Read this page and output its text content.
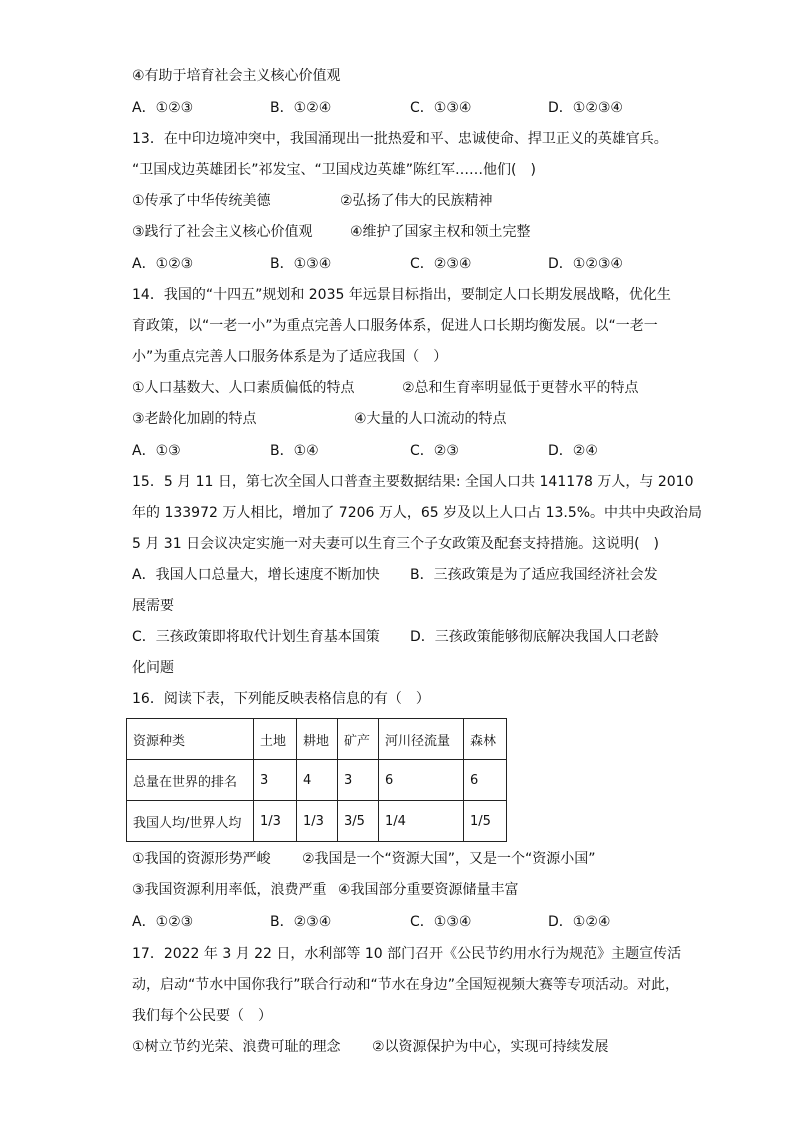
④有助于培育社会主义核心价值观
A．①②③	B．①②④	C．①③④	D．①②③④
13．在中印边境冲突中，我国涌现出一批热爱和平、忠诚使命、捍卫正义的英雄官兵。
“卫国戍边英雄团长”祁发宝、“卫国戍边英雄”陈红军……他们(　)
①传承了中华传统美德	②弘扬了伟大的民族精神
③践行了社会主义核心价值观	④维护了国家主权和领土完整
A．①②③	B．①③④	C．②③④	D．①②③④
14．我国的“十四五”规划和 2035 年远景目标指出，要制定人口长期发展战略，优化生
育政策，以“一老一小”为重点完善人口服务体系，促进人口长期均衡发展。以“一老一
小”为重点完善人口服务体系是为了适应我国（　）
①人口基数大、人口素质偏低的特点	②总和生育率明显低于更替水平的特点
③老龄化加剧的特点	④大量的人口流动的特点
A．①③	B．①④	C．②③	D．②④
15．5 月 11 日，第七次全国人口普查主要数据结果: 全国人口共 141178 万人，与 2010
年的 133972 万人相比，增加了 7206 万人，65 岁及以上人口占 13.5%。中共中央政治局
5 月 31 日会议决定实施一对夫妻可以生育三个子女政策及配套支持措施。这说明(　)
A．我国人口总量大，增长速度不断加快 B．三孩政策是为了适应我国经济社会发
展需要
C．三孩政策即将取代计划生育基本国策 D．三孩政策能够彻底解决我国人口老龄
化问题
16．阅读下表，下列能反映表格信息的有（　）
资源种类	土地	耕地	矿产	河川径流量	森林
总量在世界的排名	3	4	3	6	6
我国人均/世界人均	1/3	1/3	3/5	1/4	1/5
①我国的资源形势严峻 ②我国是一个“资源大国”，又是一个“资源小国”
③我国资源利用率低，浪费严重 ④我国部分重要资源储量丰富
A．①②③	B．②③④	C．①③④	D．①②④
17．2022 年 3 月 22 日，水利部等 10 部门召开《公民节约用水行为规范》主题宣传活
动，启动“节水中国你我行”联合行动和“节水在身边”全国短视频大赛等专项活动。对此，
我们每个公民要（　）
①树立节约光荣、浪费可耻的理念 ②以资源保护为中心，实现可持续发展
